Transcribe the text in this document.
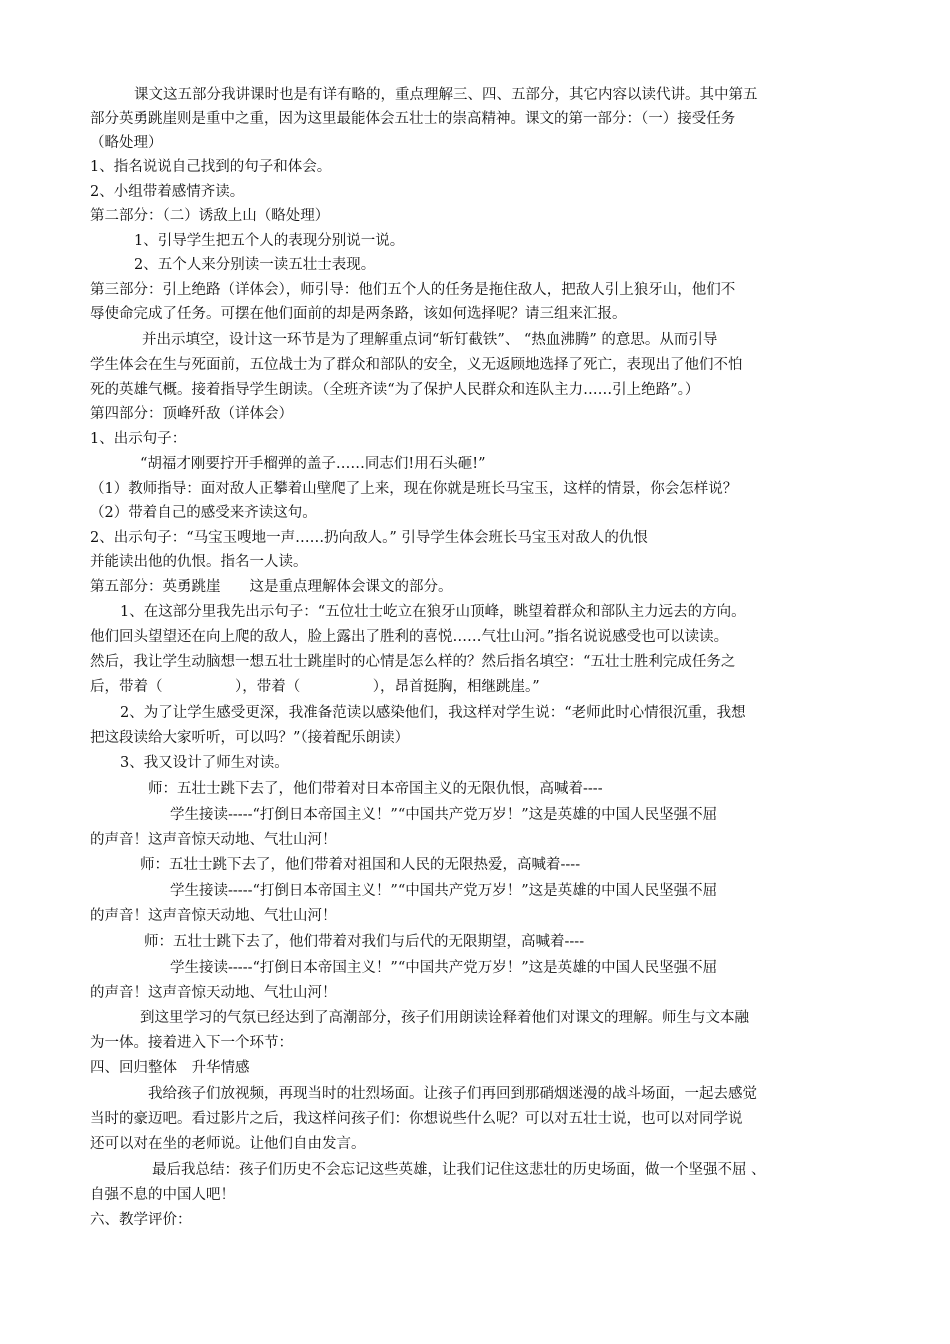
课文这五部分我讲课时也是有详有略的，重点理解三、四、五部分，其它内容以读代讲。其中第五
部分英勇跳崖则是重中之重，因为这里最能体会五壮士的崇高精神。课文的第一部分：（一）接受任务
（略处理）
1、指名说说自己找到的句子和体会。
2、小组带着感情齐读。
第二部分：（二）诱敌上山（略处理）
1、引导学生把五个人的表现分别说一说。
2、五个人来分别读一读五壮士表现。
第三部分：引上绝路（详体会），师引导：他们五个人的任务是拖住敌人，把敌人引上狼牙山，他们不
辱使命完成了任务。可摆在他们面前的却是两条路，该如何选择呢？请三组来汇报。
并出示填空，设计这一环节是为了理解重点词“斩钉截铁”、 “热血沸腾” 的意思。从而引导
学生体会在生与死面前，五位战士为了群众和部队的安全，义无返顾地选择了死亡，表现出了他们不怕
死的英雄气概。接着指导学生朗读。（全班齐读“为了保护人民群众和连队主力……引上绝路”。）
第四部分：顶峰歼敌（详体会）
1、出示句子：
“胡福才刚要拧开手榴弹的盖子……同志们!用石头砸!”
（1）教师指导：面对敌人正攀着山壁爬了上来，现在你就是班长马宝玉，这样的情景，你会怎样说？
（2）带着自己的感受来齐读这句。
2、出示句子：“马宝玉嗖地一声……扔向敌人。” 引导学生体会班长马宝玉对敌人的仇恨
并能读出他的仇恨。指名一人读。
第五部分：英勇跳崖　　这是重点理解体会课文的部分。
1、在这部分里我先出示句子：“五位壮士屹立在狼牙山顶峰，眺望着群众和部队主力远去的方向。
他们回头望望还在向上爬的敌人，脸上露出了胜利的喜悦……气壮山河。”指名说说感受也可以读读。
然后，我让学生动脑想一想五壮士跳崖时的心情是怎么样的？然后指名填空：“五壮士胜利完成任务之
后，带着（　　　　　），带着（　　　　　），昂首挺胸，相继跳崖。”
2、为了让学生感受更深，我准备范读以感染他们，我这样对学生说：“老师此时心情很沉重，我想
把这段读给大家听听，可以吗？”（接着配乐朗读）
3、我又设计了师生对读。
师：五壮士跳下去了，他们带着对日本帝国主义的无限仇恨，高喊着----
学生接读-----“打倒日本帝国主义！”“中国共产党万岁！”这是英雄的中国人民坚强不屈
的声音！这声音惊天动地、气壮山河！
师：五壮士跳下去了，他们带着对祖国和人民的无限热爱，高喊着----
学生接读-----“打倒日本帝国主义！”“中国共产党万岁！”这是英雄的中国人民坚强不屈
的声音！这声音惊天动地、气壮山河！
师：五壮士跳下去了，他们带着对我们与后代的无限期望，高喊着----
学生接读-----“打倒日本帝国主义！”“中国共产党万岁！”这是英雄的中国人民坚强不屈
的声音！这声音惊天动地、气壮山河！
到这里学习的气氛已经达到了高潮部分，孩子们用朗读诠释着他们对课文的理解。师生与文本融
为一体。接着进入下一个环节：
四、回归整体　升华情感
我给孩子们放视频，再现当时的壮烈场面。让孩子们再回到那硝烟迷漫的战斗场面，一起去感觉
当时的豪迈吧。看过影片之后，我这样问孩子们：你想说些什么呢？可以对五壮士说，也可以对同学说
还可以对在坐的老师说。让他们自由发言。
最后我总结：孩子们历史不会忘记这些英雄，让我们记住这悲壮的历史场面，做一个坚强不屈 、
自强不息的中国人吧！
六、教学评价：
